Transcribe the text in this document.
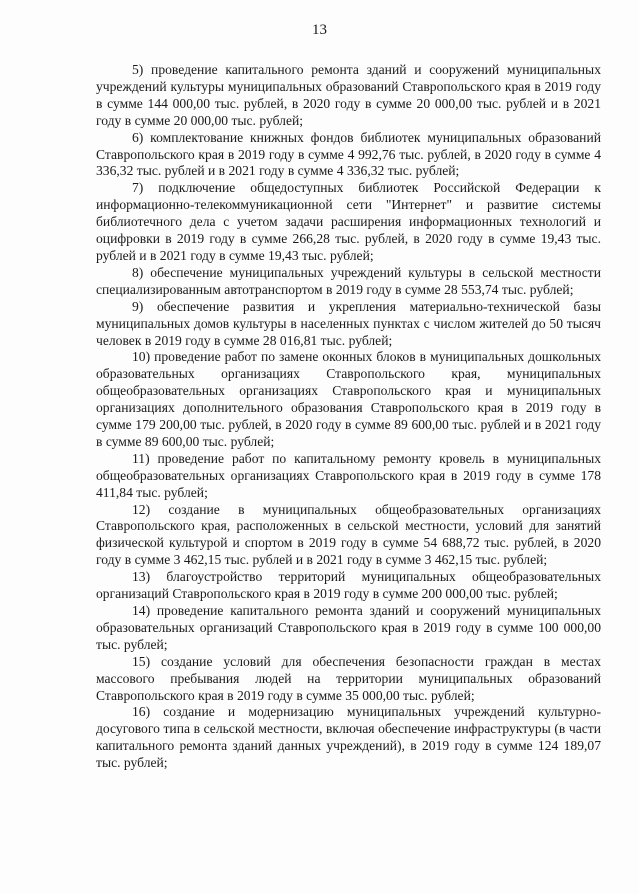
13

5) проведение капитального ремонта зданий и сооружений муниципальных учреждений культуры муниципальных образований Ставропольского края в 2019 году в сумме 144 000,00 тыс. рублей, в 2020 году в сумме 20 000,00 тыс. рублей и в 2021 году в сумме 20 000,00 тыс. рублей;

6) комплектование книжных фондов библиотек муниципальных образований Ставропольского края в 2019 году в сумме 4 992,76 тыс. рублей, в 2020 году в сумме 4 336,32 тыс. рублей и в 2021 году в сумме 4 336,32 тыс. рублей;

7) подключение общедоступных библиотек Российской Федерации к информационно-телекоммуникационной сети "Интернет" и развитие системы библиотечного дела с учетом задачи расширения информационных технологий и оцифровки в 2019 году в сумме 266,28 тыс. рублей, в 2020 году в сумме 19,43 тыс. рублей и в 2021 году в сумме 19,43 тыс. рублей;

8) обеспечение муниципальных учреждений культуры в сельской местности специализированным автотранспортом в 2019 году в сумме 28 553,74 тыс. рублей;

9) обеспечение развития и укрепления материально-технической базы муниципальных домов культуры в населенных пунктах с числом жителей до 50 тысяч человек в 2019 году в сумме 28 016,81 тыс. рублей;

10) проведение работ по замене оконных блоков в муниципальных дошкольных образовательных организациях Ставропольского края, муниципальных общеобразовательных организациях Ставропольского края и муниципальных организациях дополнительного образования Ставропольского края в 2019 году в сумме 179 200,00 тыс. рублей, в 2020 году в сумме 89 600,00 тыс. рублей и в 2021 году в сумме 89 600,00 тыс. рублей;

11) проведение работ по капитальному ремонту кровель в муниципальных общеобразовательных организациях Ставропольского края в 2019 году в сумме 178 411,84 тыс. рублей;

12) создание в муниципальных общеобразовательных организациях Ставропольского края, расположенных в сельской местности, условий для занятий физической культурой и спортом в 2019 году в сумме 54 688,72 тыс. рублей, в 2020 году в сумме 3 462,15 тыс. рублей и в 2021 году в сумме 3 462,15 тыс. рублей;

13) благоустройство территорий муниципальных общеобразовательных организаций Ставропольского края в 2019 году в сумме 200 000,00 тыс. рублей;

14) проведение капитального ремонта зданий и сооружений муниципальных образовательных организаций Ставропольского края в 2019 году в сумме 100 000,00 тыс. рублей;

15) создание условий для обеспечения безопасности граждан в местах массового пребывания людей на территории муниципальных образований Ставропольского края в 2019 году в сумме 35 000,00 тыс. рублей;

16) создание и модернизацию муниципальных учреждений культурно-досугового типа в сельской местности, включая обеспечение инфраструктуры (в части капитального ремонта зданий данных учреждений), в 2019 году в сумме 124 189,07 тыс. рублей;
